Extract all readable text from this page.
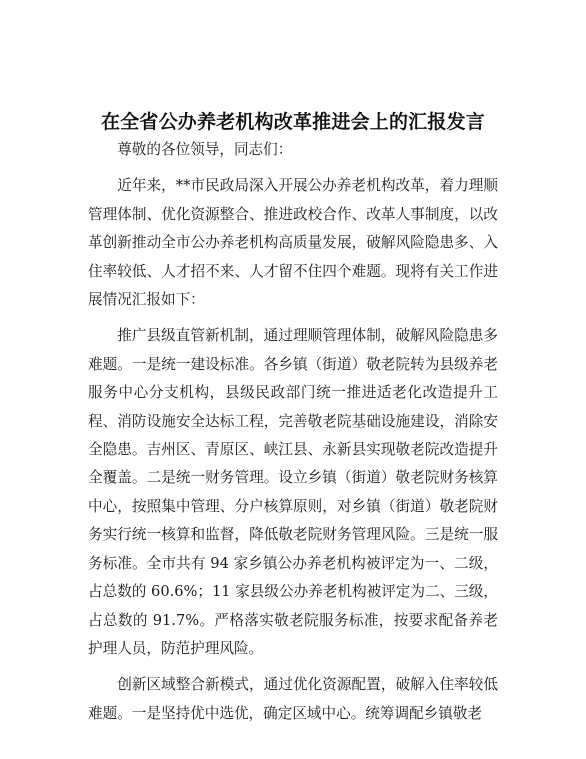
在全省公办养老机构改革推进会上的汇报发言

尊敬的各位领导，同志们：

近年来，**市民政局深入开展公办养老机构改革，着力理顺管理体制、优化资源整合、推进政校合作、改革人事制度，以改革创新推动全市公办养老机构高质量发展，破解风险隐患多、入住率较低、人才招不来、人才留不住四个难题。现将有关工作进展情况汇报如下：

推广县级直管新机制，通过理顺管理体制，破解风险隐患多难题。一是统一建设标准。各乡镇（街道）敬老院转为县级养老服务中心分支机构，县级民政部门统一推进适老化改造提升工程、消防设施安全达标工程，完善敬老院基础设施建设，消除安全隐患。吉州区、青原区、峡江县、永新县实现敬老院改造提升全覆盖。二是统一财务管理。设立乡镇（街道）敬老院财务核算中心，按照集中管理、分户核算原则，对乡镇（街道）敬老院财务实行统一核算和监督，降低敬老院财务管理风险。三是统一服务标准。全市共有 94 家乡镇公办养老机构被评定为一、二级，占总数的 60.6%；11 家县级公办养老机构被评定为二、三级，占总数的 91.7%。严格落实敬老院服务标准，按要求配备养老护理人员，防范护理风险。

创新区域整合新模式，通过优化资源配置，破解入住率较低难题。一是坚持优中选优，确定区域中心。统筹调配乡镇敬老
